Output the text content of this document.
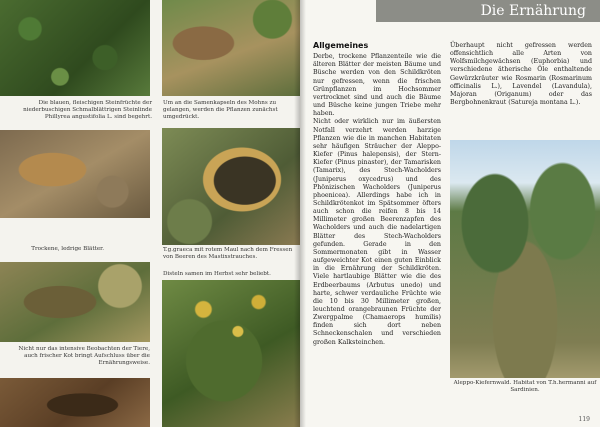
Die blauen, fleischigen Steinfrüchte der niederbuschigen Schmalblättrigen Steinlinde Phillyrea angustifolia L. sind begehrt.
Um an die Samenkapseln des Mohns zu gelangen, werden die Pflanzen zunächst umgedrückt.
Trockene, ledrige Blätter.	T.g.graeca mit rotem Maul nach dem Fressen von Beeren des Mastixstrauches.
Disteln samen im Herbst sehr beliebt.
Nicht nur das intensive Beobachten der Tiere, auch frischer Kot bringt Aufschluss über die Ernährungsweise.
119
Die Ernährung
Allgemeines

Derbe, trockene Pflanzenteile wie die älteren Blätter der meisten Bäume und Büsche werden von den Schildkröten nur gefressen, wenn die frischen Grünpflanzen im Hochsommer vertrocknet sind und auch die Bäume und Büsche keine jungen Triebe mehr haben.

Nicht oder wirklich nur im äußersten Notfall verzehrt werden harzige Pflanzen wie die in manchen Habitaten sehr häufigen Sträucher der Aleppo-Kiefer (Pinus halepensis), der Stern-Kiefer (Pinus pinaster), der Tamarisken (Tamarix), des Stech-Wacholders (Juniperus oxycedrus) und des Phönizischen Wacholders (Juniperus phoenicea). Allerdings habe ich in Schildkrötenkot im Spätsommer öfters auch schon die reifen 8 bis 14 Millimeter großen Beerenzapfen des Wacholders und auch die nadelartigen Blätter des Stech-Wacholders gefunden. Gerade in den Sommermonaten gibt in Wasser aufgeweichter Kot einen guten Einblick in die Ernährung der Schildkröten. Viele hartlaubige Blätter wie die des Erdbeerbaums (Arbutus unedo) und harte, schwer verdauliche Früchte wie die 10 bis 30 Millimeter großen, leuchtend orangebraunen Früchte der Zwergpalme (Chamaerops humilis) finden sich dort neben Schneckenschalen und verschieden großen Kalksteinchen.

Überhaupt nicht gefressen werden offensichtlich alle Arten von Wolfsmilchgewächsen (Euphorbia) und verschiedene ätherische Öle enthaltende Gewürzkräuter wie Rosmarin (Rosmarinum officinalis L.), Lavendel (Lavandula), Majoran (Origanum) oder das Bergbohnenkraut (Satureja montana L.).

Aleppo-Kiefernwald. Habitat von T.h.hermanni auf Sardinien.
